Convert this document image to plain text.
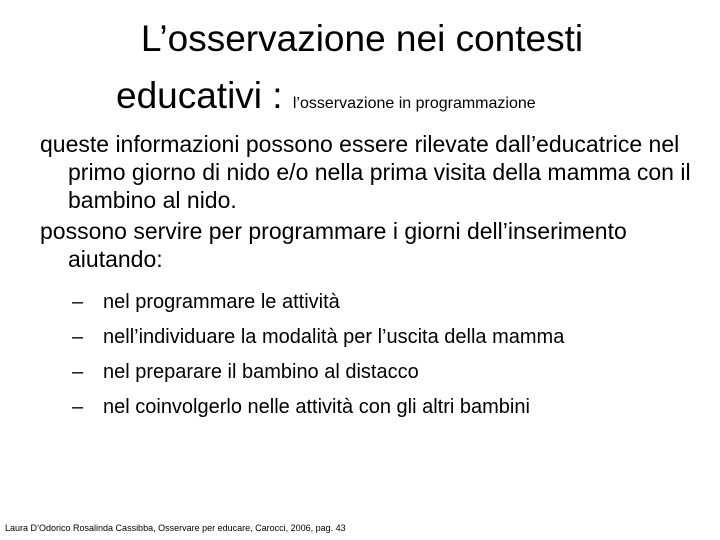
L’osservazione nei contesti
educativi : l’osservazione in programmazione

queste informazioni possono essere rilevate dall’educatrice nel primo giorno di nido e/o nella prima visita della mamma con il bambino al nido.

possono servire per programmare i giorni dell’inserimento aiutando:

– nel programmare le attività
– nell’individuare la modalità per l’uscita della mamma
– nel preparare il bambino al distacco
– nel coinvolgerlo nelle attività con gli altri bambini
Laura D’Odorico Rosalinda Cassibba, Osservare per educare, Carocci, 2006, pag. 43
